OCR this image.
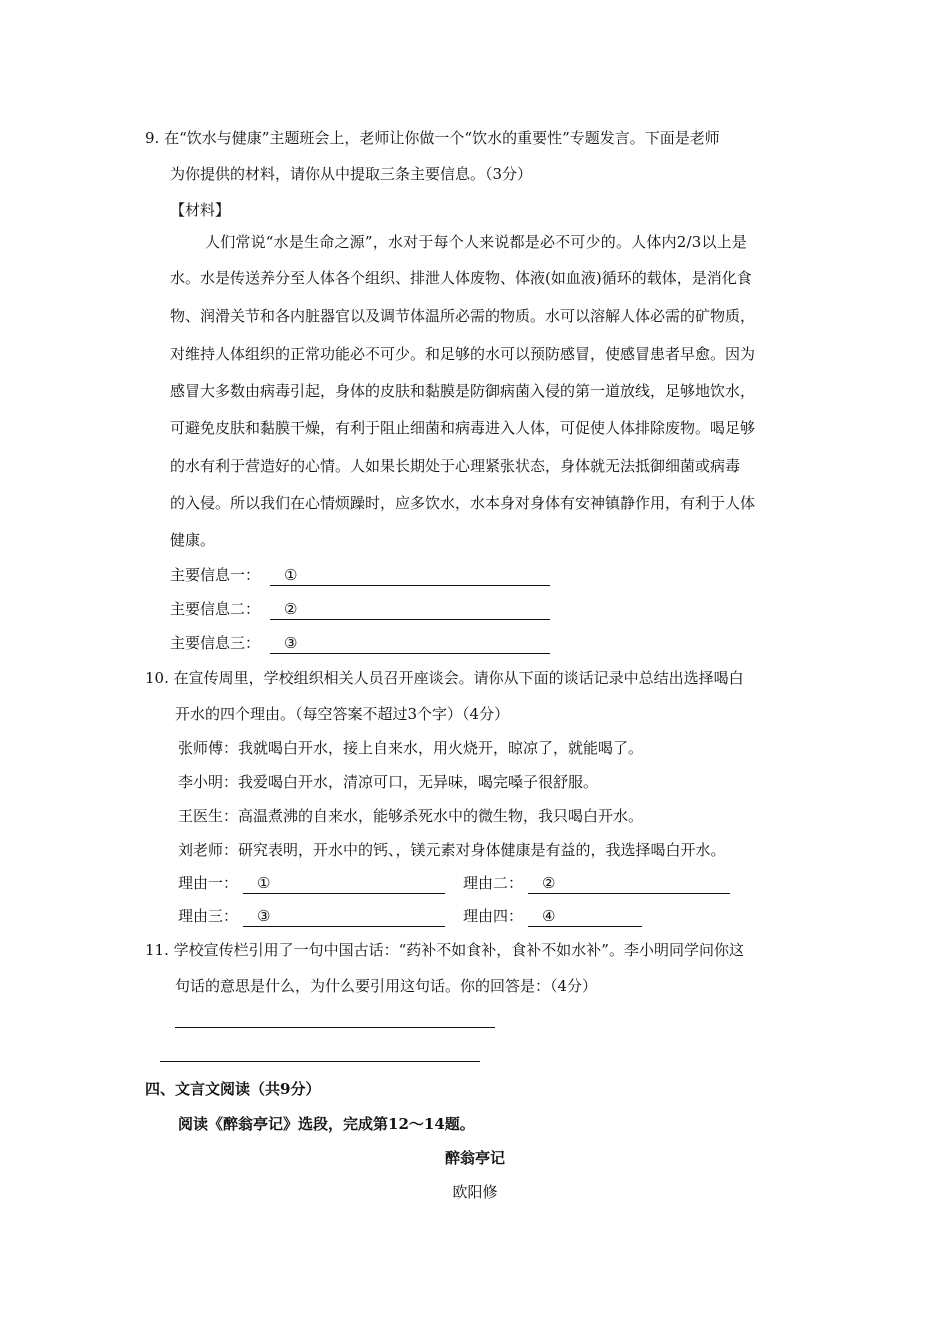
9. 在“饮水与健康”主题班会上，老师让你做一个“饮水的重要性”专题发言。下面是老师
为你提供的材料，请你从中提取三条主要信息。（3分）
【材料】
人们常说“水是生命之源”，水对于每个人来说都是必不可少的。人体内2/3以上是
水。水是传送养分至人体各个组织、排泄人体废物、体液(如血液)循环的载体，是消化食
物、润滑关节和各内脏器官以及调节体温所必需的物质。水可以溶解人体必需的矿物质，
对维持人体组织的正常功能必不可少。和足够的水可以预防感冒，使感冒患者早愈。因为
感冒大多数由病毒引起，身体的皮肤和黏膜是防御病菌入侵的第一道放线，足够地饮水，
可避免皮肤和黏膜干燥，有利于阻止细菌和病毒进入人体，可促使人体排除废物。喝足够
的水有利于营造好的心情。人如果长期处于心理紧张状态，身体就无法抵御细菌或病毒
的入侵。所以我们在心情烦躁时，应多饮水，水本身对身体有安神镇静作用，有利于人体
健康。
主要信息一：	①
主要信息二：	②
主要信息三：	③
10. 在宣传周里，学校组织相关人员召开座谈会。请你从下面的谈话记录中总结出选择喝白
开水的四个理由。（每空答案不超过3个字）（4分）
张师傅：我就喝白开水，接上自来水，用火烧开，晾凉了，就能喝了。
李小明：我爱喝白开水，清凉可口，无异味，喝完嗓子很舒服。
王医生：高温煮沸的自来水，能够杀死水中的微生物，我只喝白开水。
刘老师：研究表明，开水中的钙、，镁元素对身体健康是有益的，我选择喝白开水。
理由一：	①	理由二：	②
理由三：	③	理由四：	④
11. 学校宣传栏引用了一句中国古话：“药补不如食补，食补不如水补”。李小明同学问你这
句话的意思是什么，为什么要引用这句话。你的回答是：（4分）
四、文言文阅读（共9分）
阅读《醉翁亭记》选段，完成第12～14题。
醉翁亭记
欧阳修
